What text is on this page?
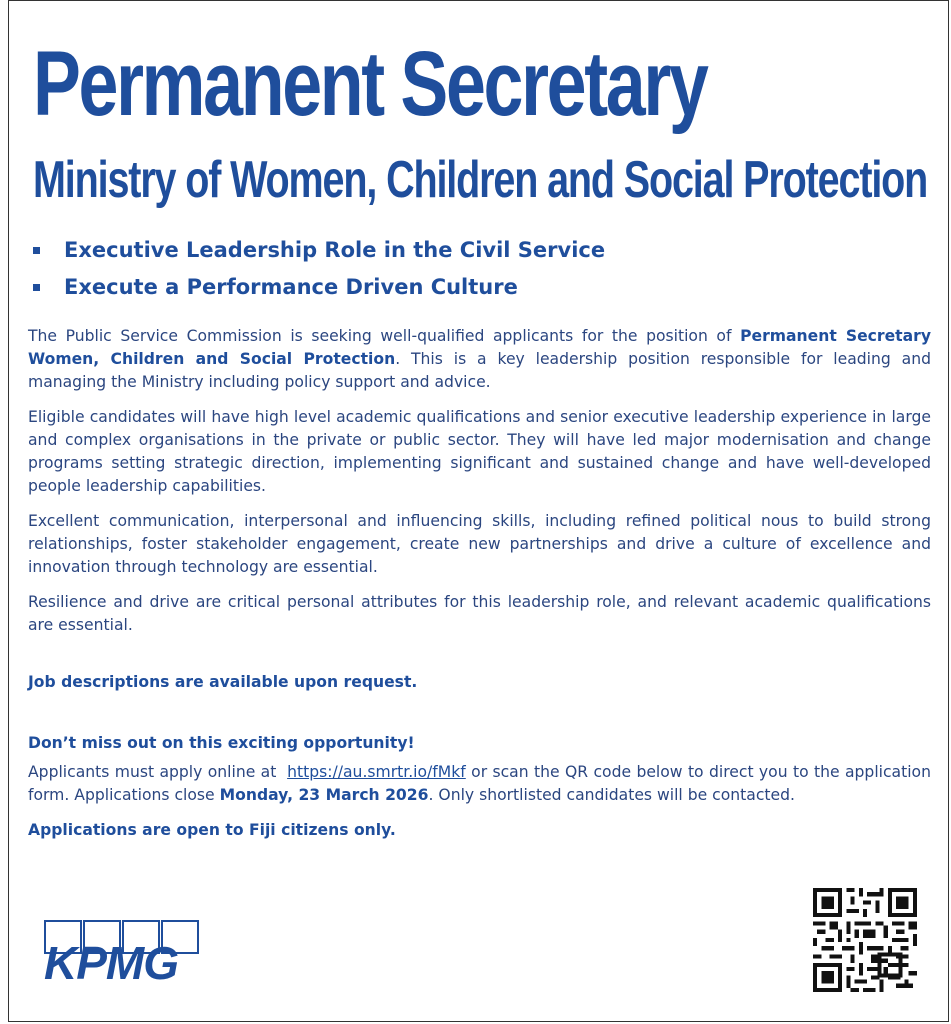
Permanent Secretary
Ministry of Women, Children and Social Protection
Executive Leadership Role in the Civil Service
Execute a Performance Driven Culture

The Public Service Commission is seeking well-qualified applicants for the position of Permanent Secretary Women, Children and Social Protection. This is a key leadership position responsible for leading and managing the Ministry including policy support and advice.

Eligible candidates will have high level academic qualifications and senior executive leadership experience in large and complex organisations in the private or public sector. They will have led major modernisation and change programs setting strategic direction, implementing significant and sustained change and have well-developed people leadership capabilities.

Excellent communication, interpersonal and influencing skills, including refined political nous to build strong relationships, foster stakeholder engagement, create new partnerships and drive a culture of excellence and innovation through technology are essential.

Resilience and drive are critical personal attributes for this leadership role, and relevant academic qualifications are essential.

Job descriptions are available upon request.

Don’t miss out on this exciting opportunity!

Applicants must apply online at  https://au.smrtr.io/fMkf or scan the QR code below to direct you to the application form. Applications close Monday, 23 March 2026. Only shortlisted candidates will be contacted.

Applications are open to Fiji citizens only.

KPMG
